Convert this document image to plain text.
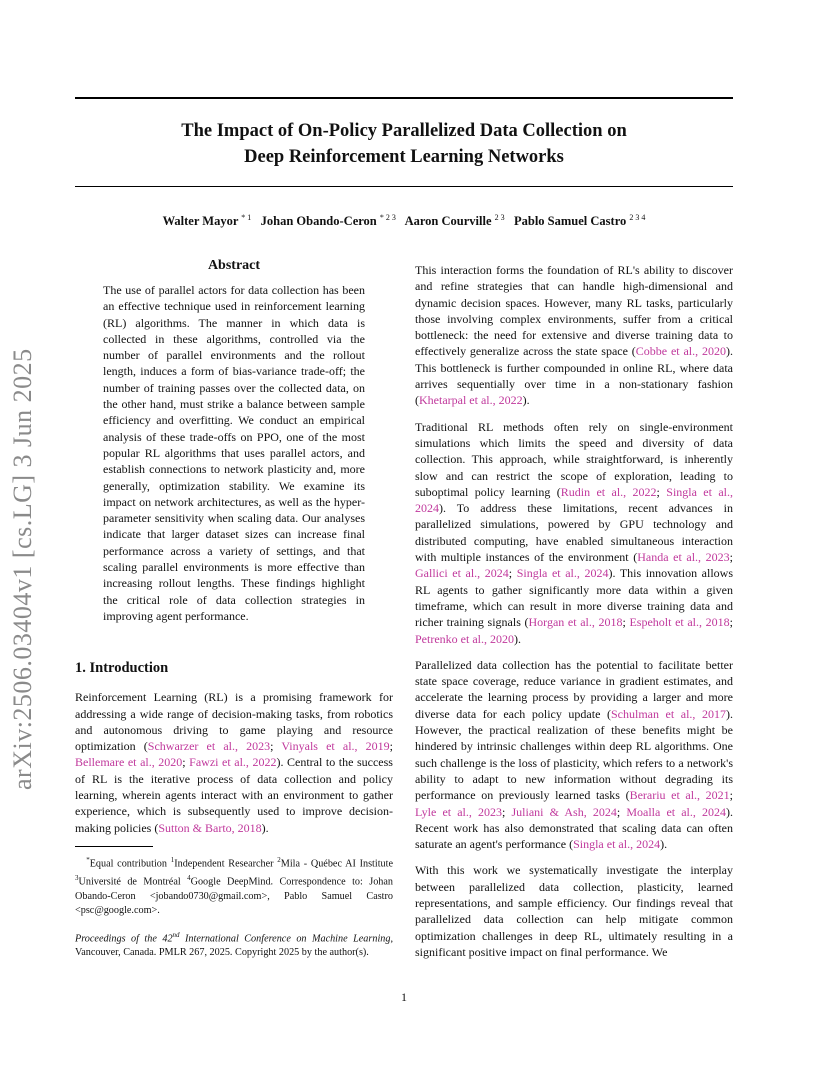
The Impact of On-Policy Parallelized Data Collection on
Deep Reinforcement Learning Networks
Walter Mayor $^{* 1}$ Johan Obando-Ceron $^{* 2 3}$ Aaron Courville $^{2 3}$ Pablo Samuel Castro $^{2 3 4}$
arXiv:2506.03404v1 [cs.LG] 3 Jun 2025
Abstract

The use of parallel actors for data collection has been an effective technique used in reinforcement learning (RL) algorithms. The manner in which data is collected in these algorithms, controlled via the number of parallel environments and the rollout length, induces a form of bias-variance trade-off; the number of training passes over the collected data, on the other hand, must strike a balance between sample efficiency and overfitting. We conduct an empirical analysis of these trade-offs on PPO, one of the most popular RL algorithms that uses parallel actors, and establish connections to network plasticity and, more generally, optimization stability. We examine its impact on network architectures, as well as the hyper-parameter sensitivity when scaling data. Our analyses indicate that larger dataset sizes can increase final performance across a variety of settings, and that scaling parallel environments is more effective than increasing rollout lengths. These findings highlight the critical role of data collection strategies in improving agent performance.

1. Introduction

Reinforcement Learning (RL) is a promising framework for addressing a wide range of decision-making tasks, from robotics and autonomous driving to game playing and resource optimization (Schwarzer et al., 2023; Vinyals et al., 2019; Bellemare et al., 2020; Fawzi et al., 2022). Central to the success of RL is the iterative process of data collection and policy learning, wherein agents interact with an environment to gather experience, which is subsequently used to improve decision-making policies (Sutton & Barto, 2018).

*Equal contribution $^1$Independent Researcher $^2$Mila - Québec AI Institute $^3$Université de Montréal $^4$Google DeepMind. Correspondence to: Johan Obando-Ceron <jobando0730@gmail.com>, Pablo Samuel Castro <psc@google.com>.

Proceedings of the 42nd International Conference on Machine Learning, Vancouver, Canada. PMLR 267, 2025. Copyright 2025 by the author(s).

This interaction forms the foundation of RL's ability to discover and refine strategies that can handle high-dimensional and dynamic decision spaces. However, many RL tasks, particularly those involving complex environments, suffer from a critical bottleneck: the need for extensive and diverse training data to effectively generalize across the state space (Cobbe et al., 2020). This bottleneck is further compounded in online RL, where data arrives sequentially over time in a non-stationary fashion (Khetarpal et al., 2022).

Traditional RL methods often rely on single-environment simulations which limits the speed and diversity of data collection. This approach, while straightforward, is inherently slow and can restrict the scope of exploration, leading to suboptimal policy learning (Rudin et al., 2022; Singla et al., 2024). To address these limitations, recent advances in parallelized simulations, powered by GPU technology and distributed computing, have enabled simultaneous interaction with multiple instances of the environment (Handa et al., 2023; Gallici et al., 2024; Singla et al., 2024). This innovation allows RL agents to gather significantly more data within a given timeframe, which can result in more diverse training data and richer training signals (Horgan et al., 2018; Espeholt et al., 2018; Petrenko et al., 2020).

Parallelized data collection has the potential to facilitate better state space coverage, reduce variance in gradient estimates, and accelerate the learning process by providing a larger and more diverse data for each policy update (Schulman et al., 2017). However, the practical realization of these benefits might be hindered by intrinsic challenges within deep RL algorithms. One such challenge is the loss of plasticity, which refers to a network's ability to adapt to new information without degrading its performance on previously learned tasks (Berariu et al., 2021; Lyle et al., 2023; Juliani & Ash, 2024; Moalla et al., 2024). Recent work has also demonstrated that scaling data can often saturate an agent's performance (Singla et al., 2024).

With this work we systematically investigate the interplay between parallelized data collection, plasticity, learned representations, and sample efficiency. Our findings reveal that parallelized data collection can help mitigate common optimization challenges in deep RL, ultimately resulting in a significant positive impact on final performance. We

1
